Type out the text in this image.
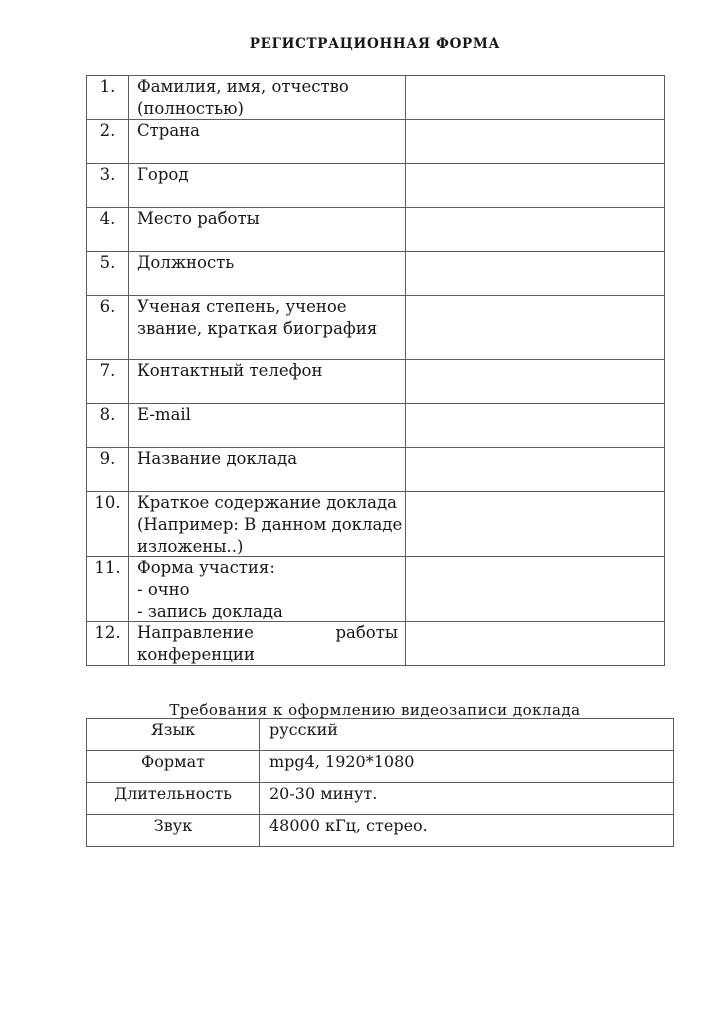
РЕГИСТРАЦИОННАЯ ФОРМА
1.	Фамилия, имя, отчество
(полностью)
2.	Страна
3.	Город
4.	Место работы
5.	Должность
6.	Ученая степень, ученое
звание, краткая биография
7.	Контактный телефон
8.	E-mail
9.	Название доклада
10. Краткое содержание доклада
(Например: В данном докладе
изложены..)
11. Форма участия:
- очно
- запись доклада
12. Направление работы
конференции
Требования к оформлению видеозаписи доклада
Язык	русский
Формат	mpg4, 1920*1080
Длительность	20-30 минут.
Звук	48000 кГц, стерео.
